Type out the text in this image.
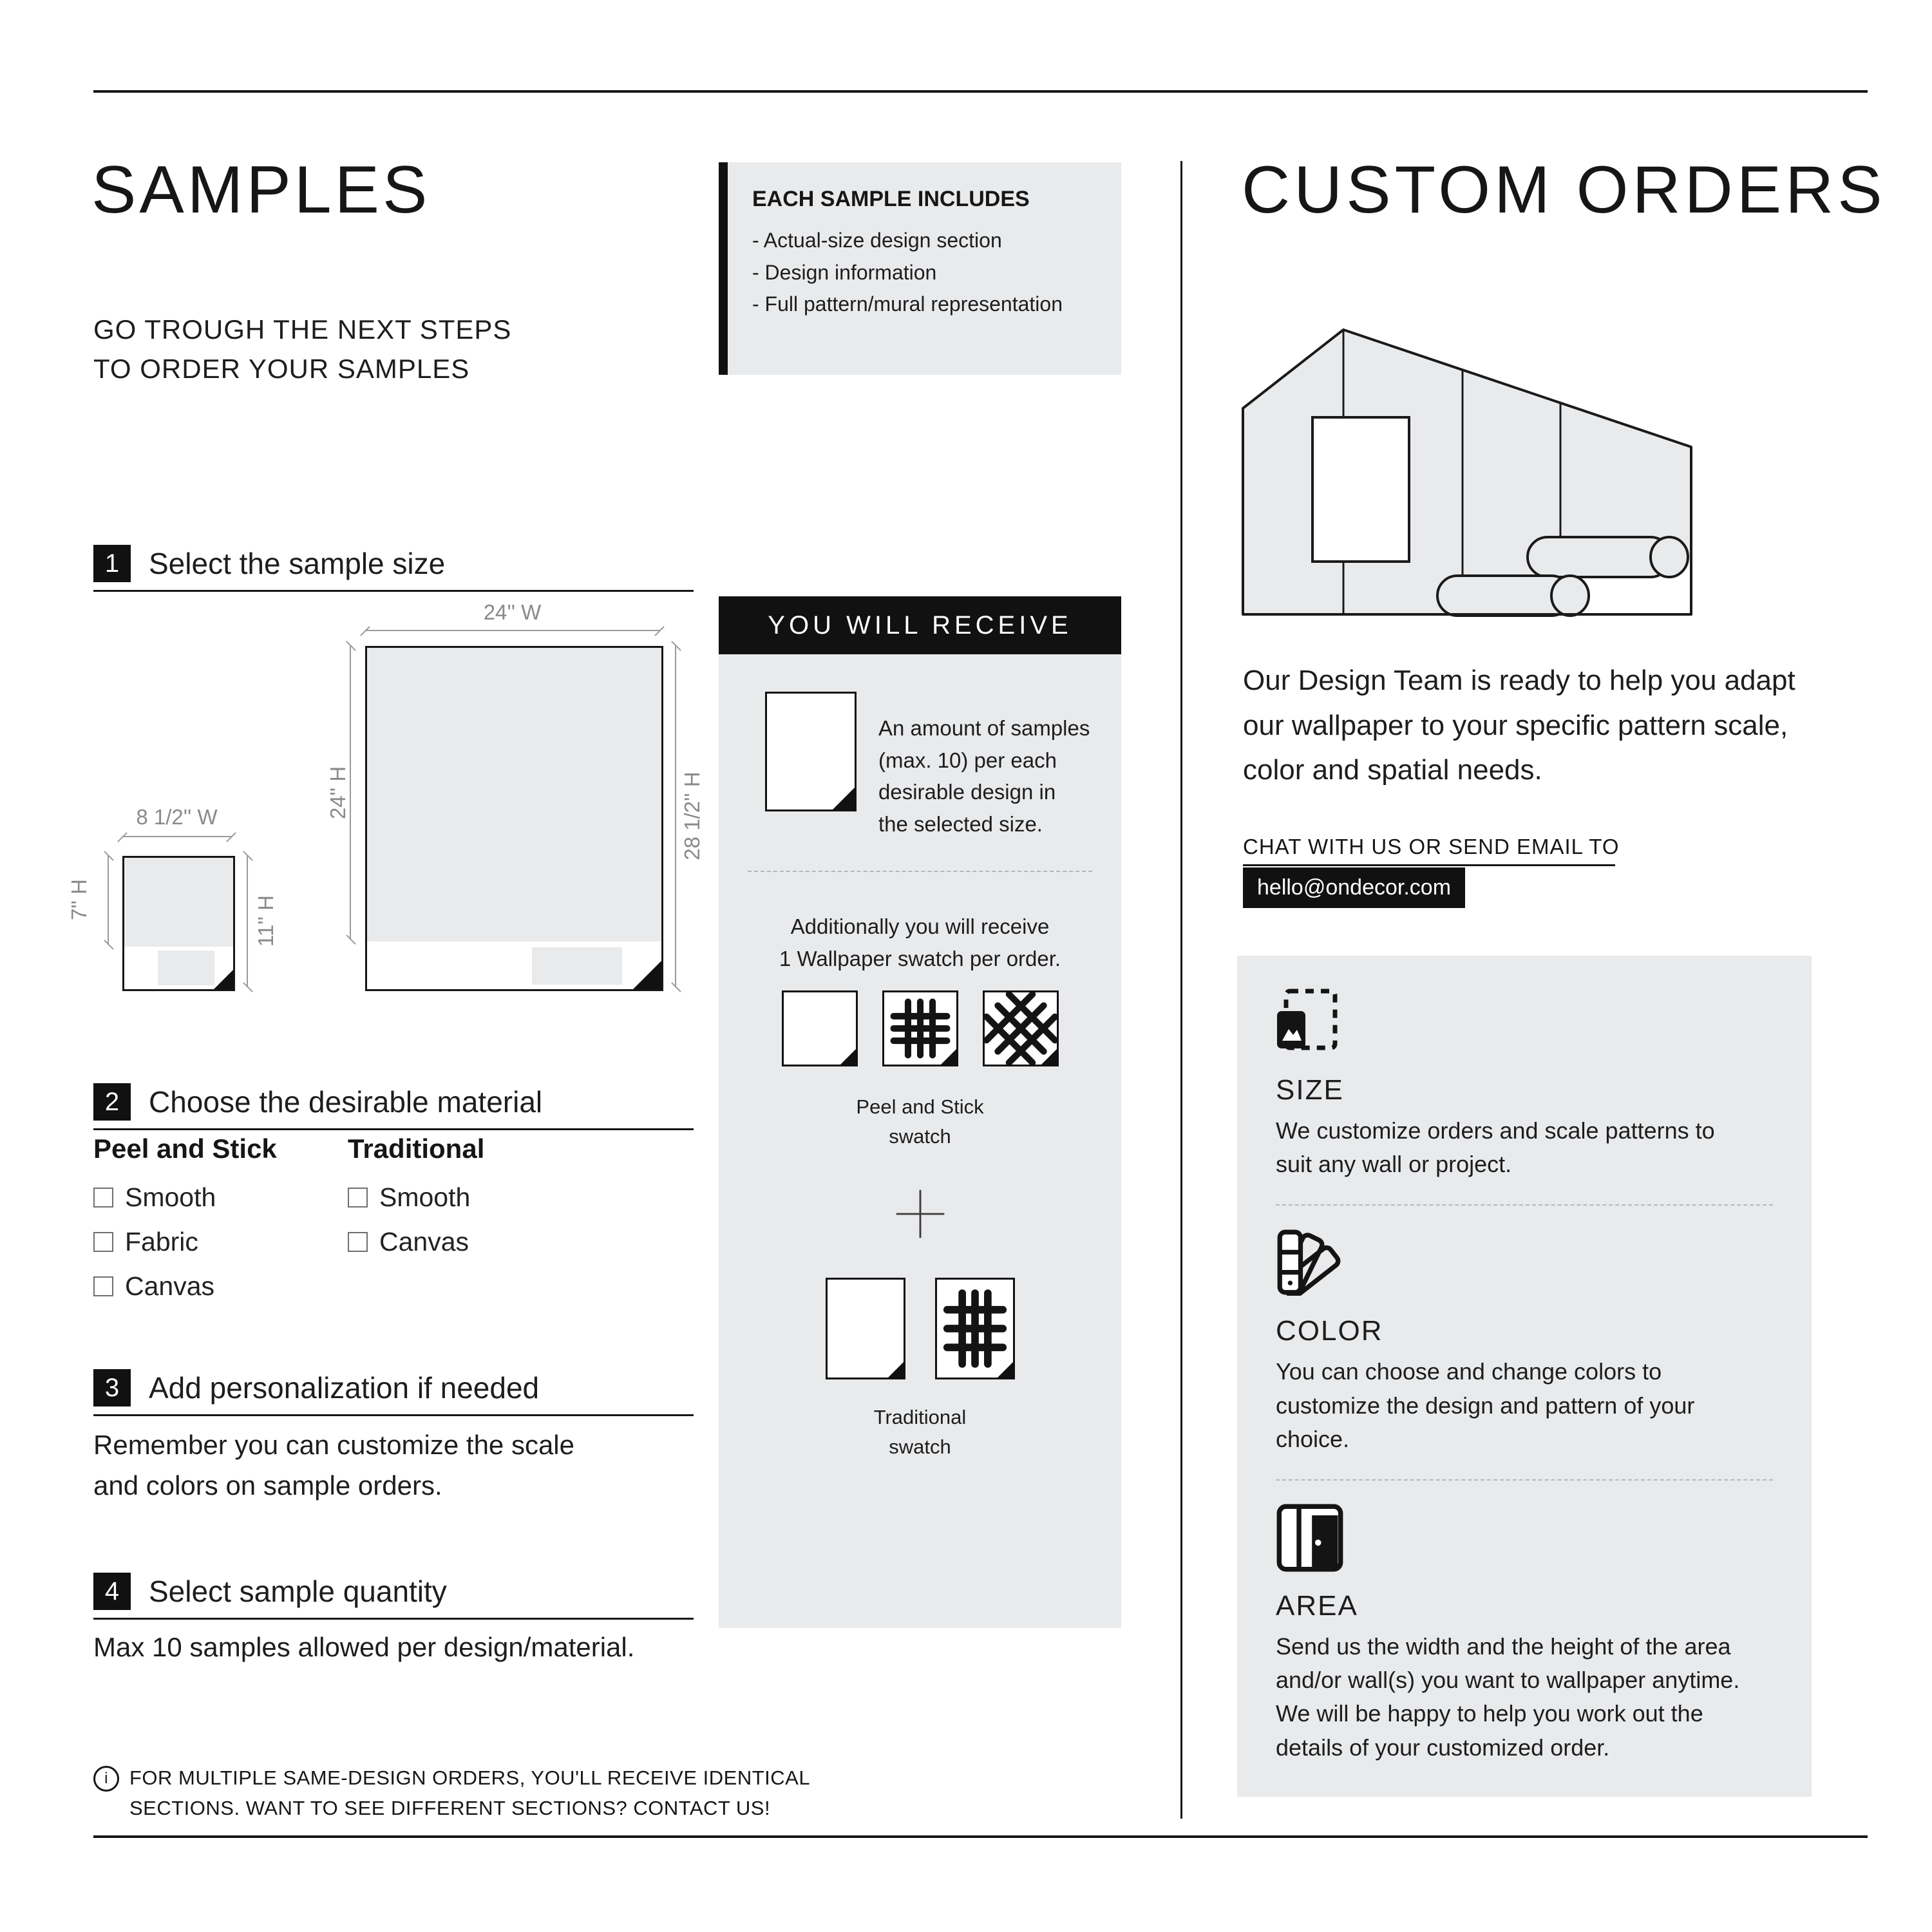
SAMPLES
GO TROUGH THE NEXT STEPS
TO ORDER YOUR SAMPLES
EACH SAMPLE INCLUDES
- Actual-size design section
- Design information
- Full pattern/mural representation
1 Select the sample size
24'' W
24'' H	28 1/2'' H
8 1/2'' W
7'' H	11'' H
2 Choose the desirable material
Peel and Stick
Smooth
Fabric
Canvas
Traditional
Smooth
Canvas
3 Add personalization if needed
Remember you can customize the scale and colors on sample orders.
4 Select sample quantity
Max 10 samples allowed per design/material.
i	FOR MULTIPLE SAME-DESIGN ORDERS, YOU'LL RECEIVE IDENTICAL SECTIONS. WANT TO SEE DIFFERENT SECTIONS? CONTACT US!
YOU WILL RECEIVE
An amount of samples (max. 10) per each desirable design in the selected size.
Additionally you will receive
1 Wallpaper swatch per order.
Peel and Stick
swatch
Traditional
swatch
CUSTOM ORDERS
Our Design Team is ready to help you adapt our wallpaper to your specific pattern scale, color and spatial needs.
CHAT WITH US OR SEND EMAIL TO
hello@ondecor.com
SIZE

We customize orders and scale patterns to suit any wall or project.

COLOR

You can choose and change colors to customize the design and pattern of your choice.

AREA

Send us the width and the height of the area and/or wall(s) you want to wallpaper anytime. We will be happy to help you work out the details of your customized order.
